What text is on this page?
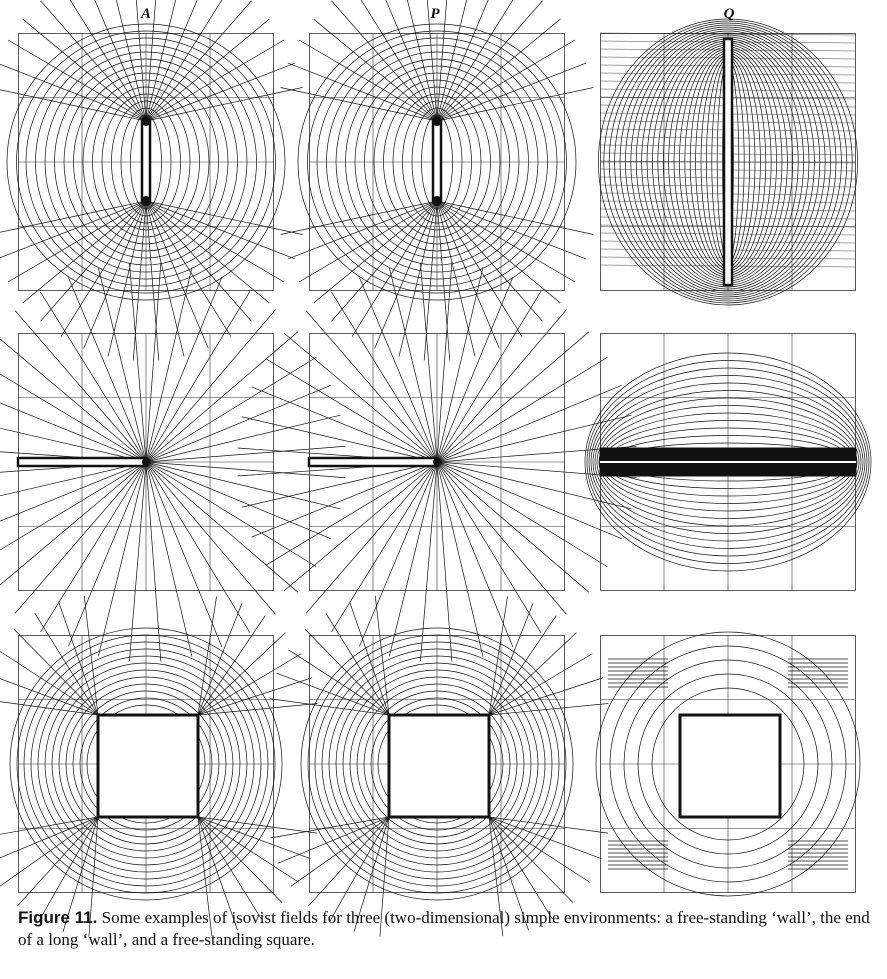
A	P	Q
Figure 11. Some examples of isovist fields for three (two-dimensional) simple environments: a free-standing ‘wall’, the end of a long ‘wall’, and a free-standing square.
